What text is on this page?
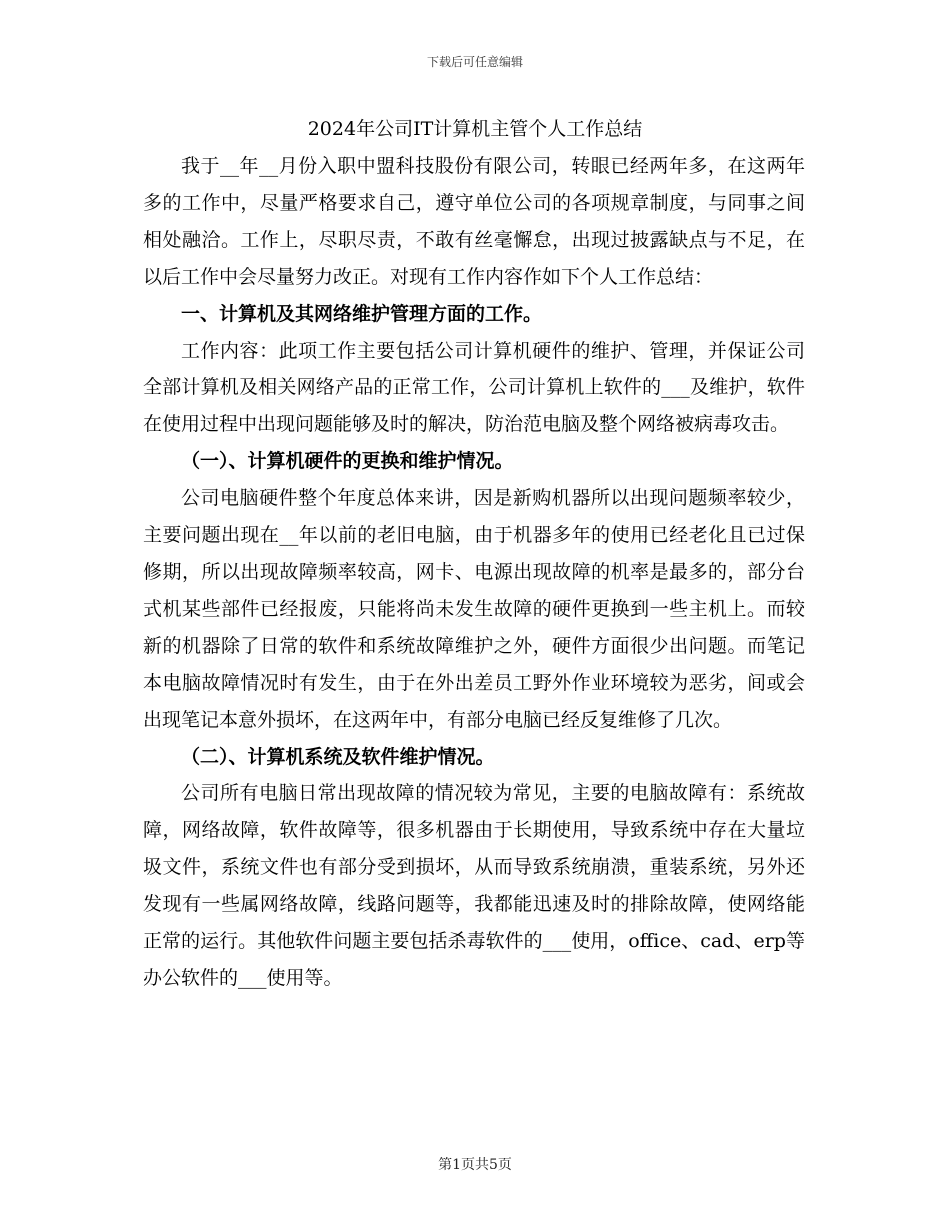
下载后可任意编辑
2024年公司IT计算机主管个人工作总结

我于__年__月份入职中盟科技股份有限公司，转眼已经两年多，在这两年多的工作中，尽量严格要求自己，遵守单位公司的各项规章制度，与同事之间相处融洽。工作上，尽职尽责，不敢有丝毫懈怠，出现过披露缺点与不足，在以后工作中会尽量努力改正。对现有工作内容作如下个人工作总结：

一、计算机及其网络维护管理方面的工作。

工作内容：此项工作主要包括公司计算机硬件的维护、管理，并保证公司全部计算机及相关网络产品的正常工作，公司计算机上软件的___及维护，软件在使用过程中出现问题能够及时的解决，防治范电脑及整个网络被病毒攻击。

（一）、计算机硬件的更换和维护情况。

公司电脑硬件整个年度总体来讲，因是新购机器所以出现问题频率较少，主要问题出现在__年以前的老旧电脑，由于机器多年的使用已经老化且已过保修期，所以出现故障频率较高，网卡、电源出现故障的机率是最多的，部分台式机某些部件已经报废，只能将尚未发生故障的硬件更换到一些主机上。而较新的机器除了日常的软件和系统故障维护之外，硬件方面很少出问题。而笔记本电脑故障情况时有发生，由于在外出差员工野外作业环境较为恶劣，间或会出现笔记本意外损坏，在这两年中，有部分电脑已经反复维修了几次。

（二）、计算机系统及软件维护情况。

公司所有电脑日常出现故障的情况较为常见，主要的电脑故障有：系统故障，网络故障，软件故障等，很多机器由于长期使用，导致系统中存在大量垃圾文件，系统文件也有部分受到损坏，从而导致系统崩溃，重装系统，另外还发现有一些属网络故障，线路问题等，我都能迅速及时的排除故障，使网络能正常的运行。其他软件问题主要包括杀毒软件的___使用，office、cad、erp等办公软件的___使用等。

第1页共5页
